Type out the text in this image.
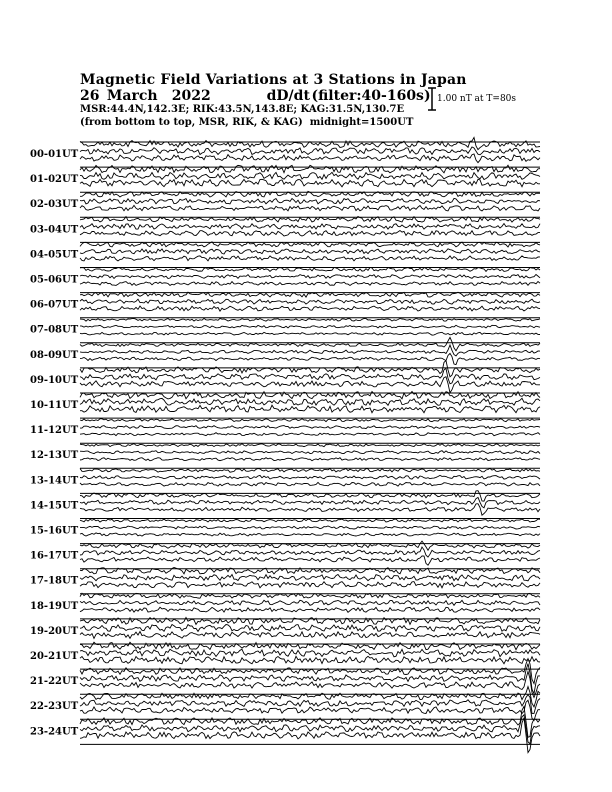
Magnetic Field Variations at 3 Stations in Japan
26 March 2022	dD/dt (filter:40-160s)
MSR:44.4N,142.3E; RIK:43.5N,143.8E; KAG:31.5N,130.7E
(from bottom to top, MSR, RIK, & KAG) midnight=1500UT
1.00 nT at T=80s
00-01UT
01-02UT
02-03UT
03-04UT
04-05UT
05-06UT
06-07UT
07-08UT
08-09UT
09-10UT
10-11UT
11-12UT
12-13UT
13-14UT
14-15UT
15-16UT
16-17UT
17-18UT
18-19UT
19-20UT
20-21UT
21-22UT
22-23UT
23-24UT
